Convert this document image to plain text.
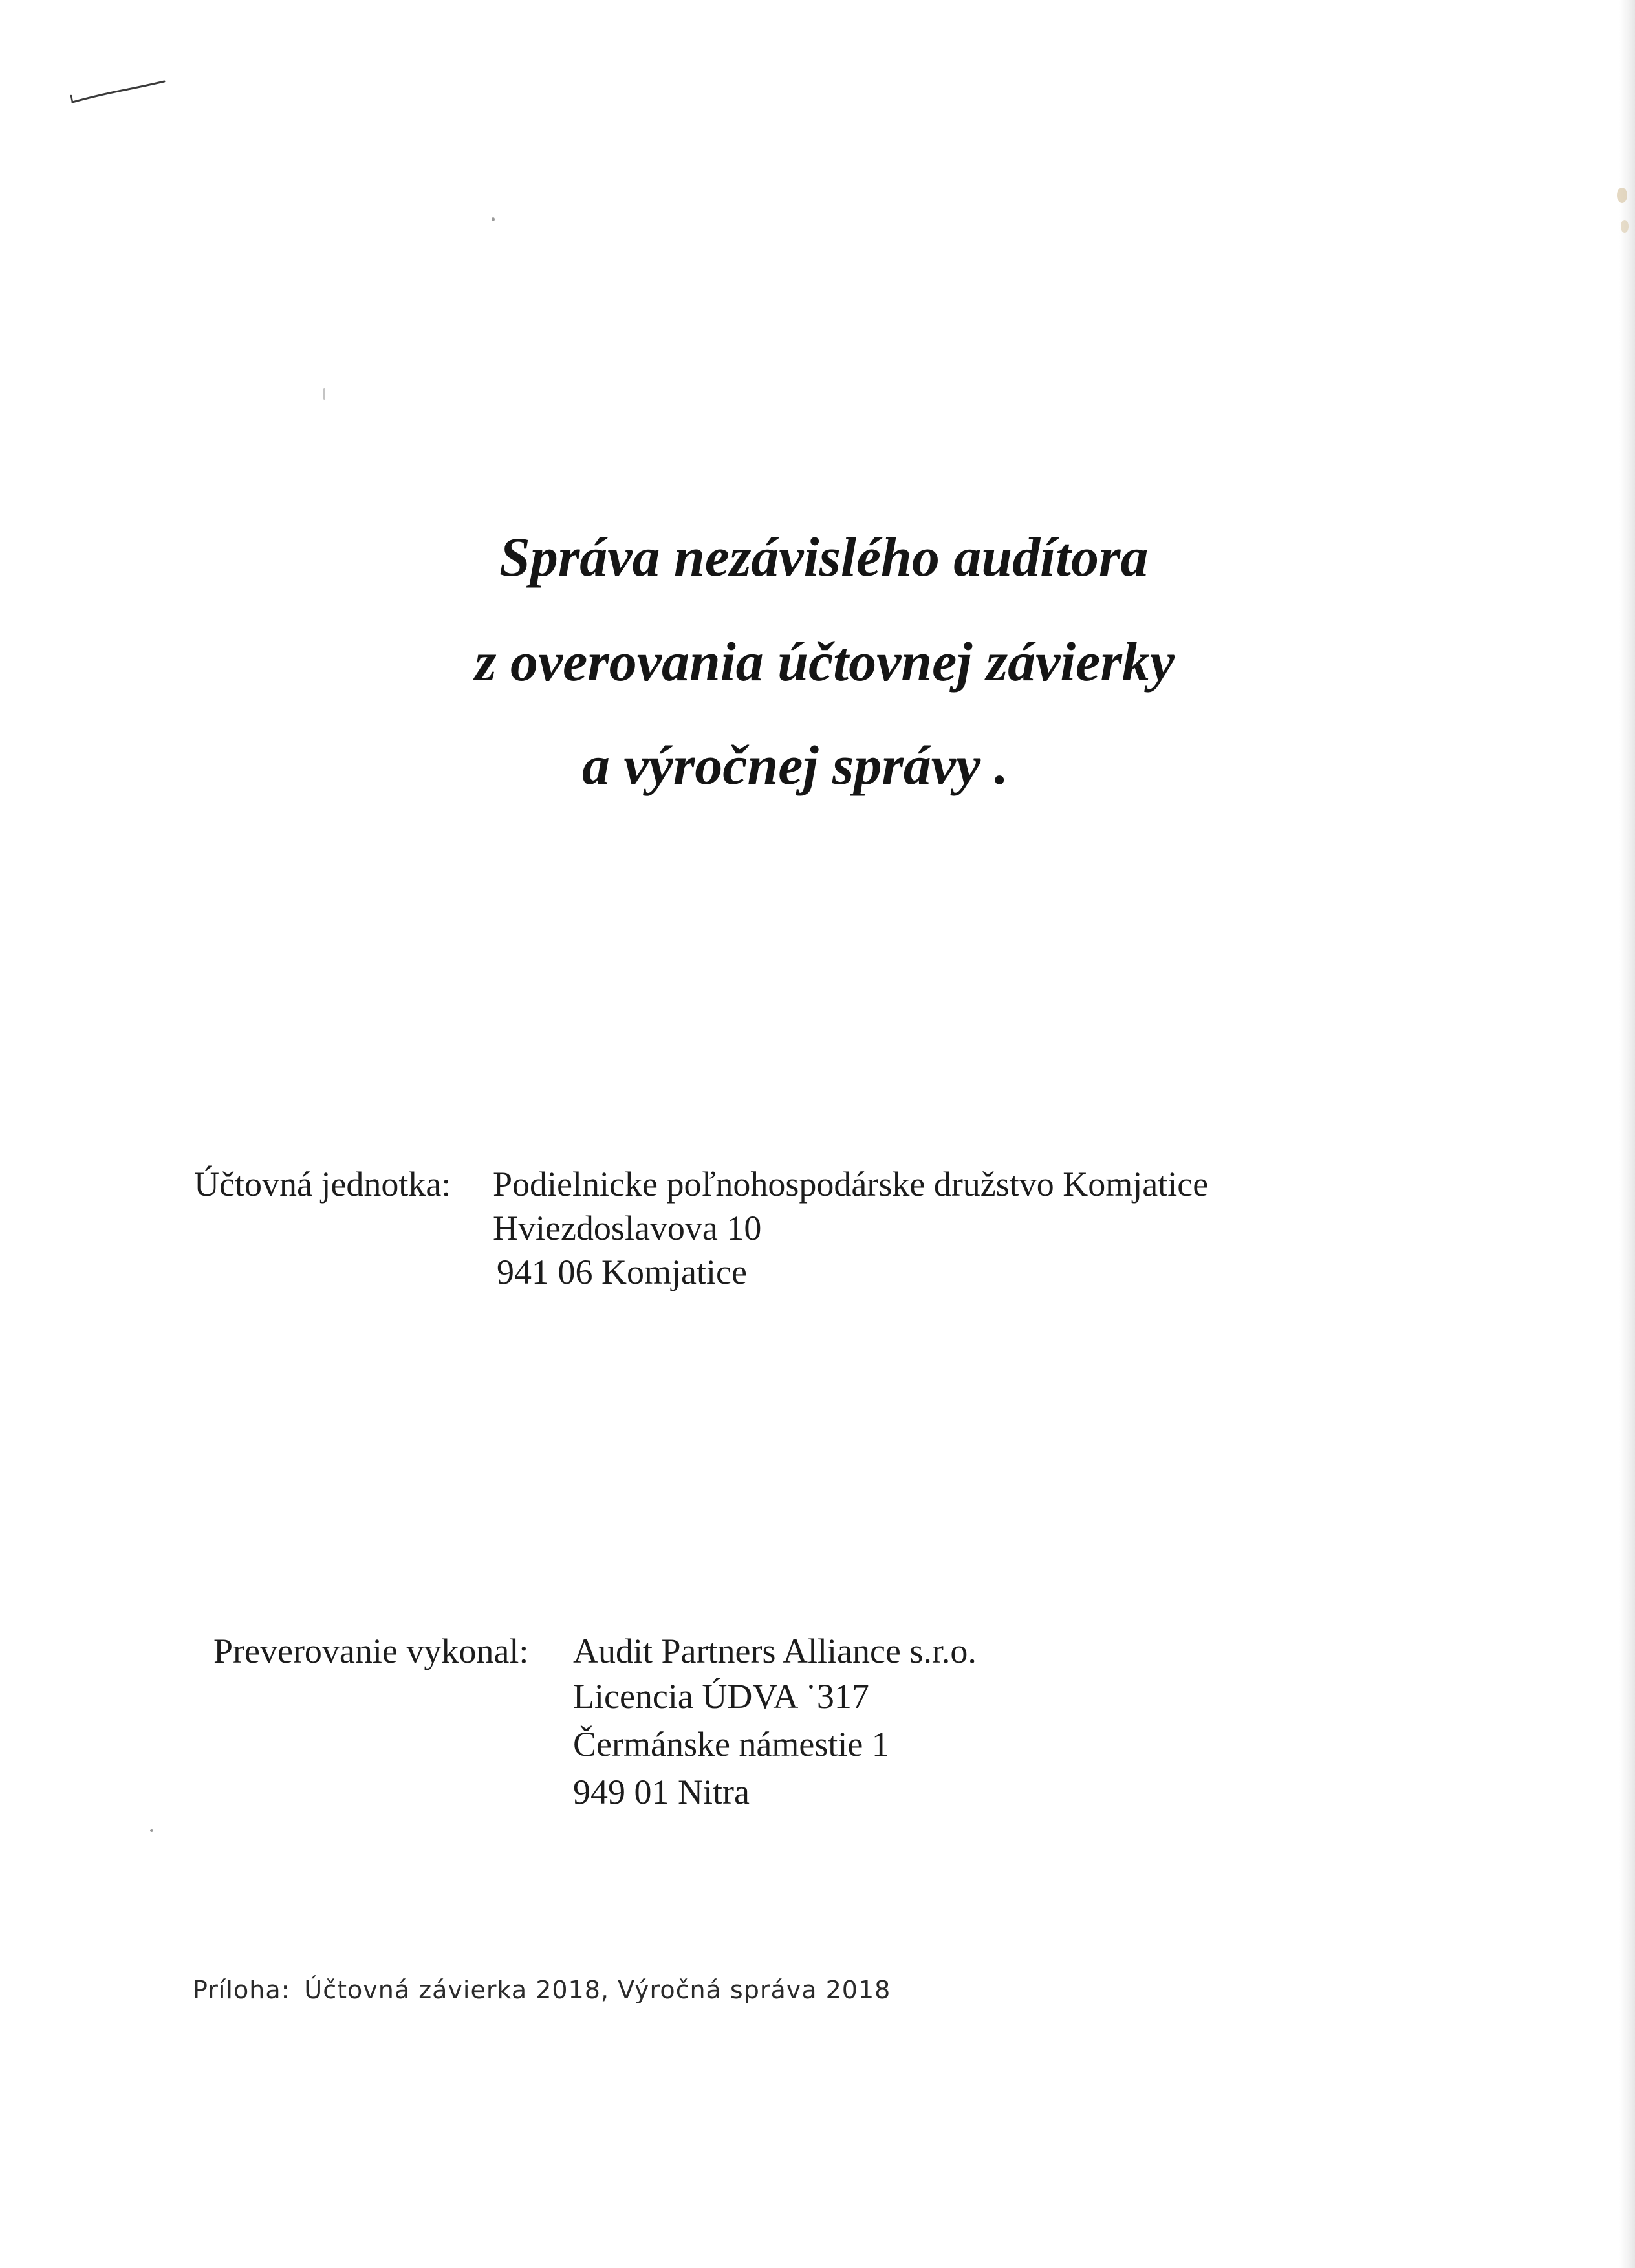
Správa nezávislého audítora
z overovania účtovnej závierky
a výročnej správy .
Účtovná jednotka: Podielnicke poľnohospodárske družstvo Komjatice
Hviezdoslavova 10
941 06 Komjatice
Preverovanie vykonal: Audit Partners Alliance s.r.o.
Licencia ÚDVA ˙317
Čermánske námestie 1
949 01 Nitra
Príloha: Účtovná závierka 2018, Výročná správa 2018
